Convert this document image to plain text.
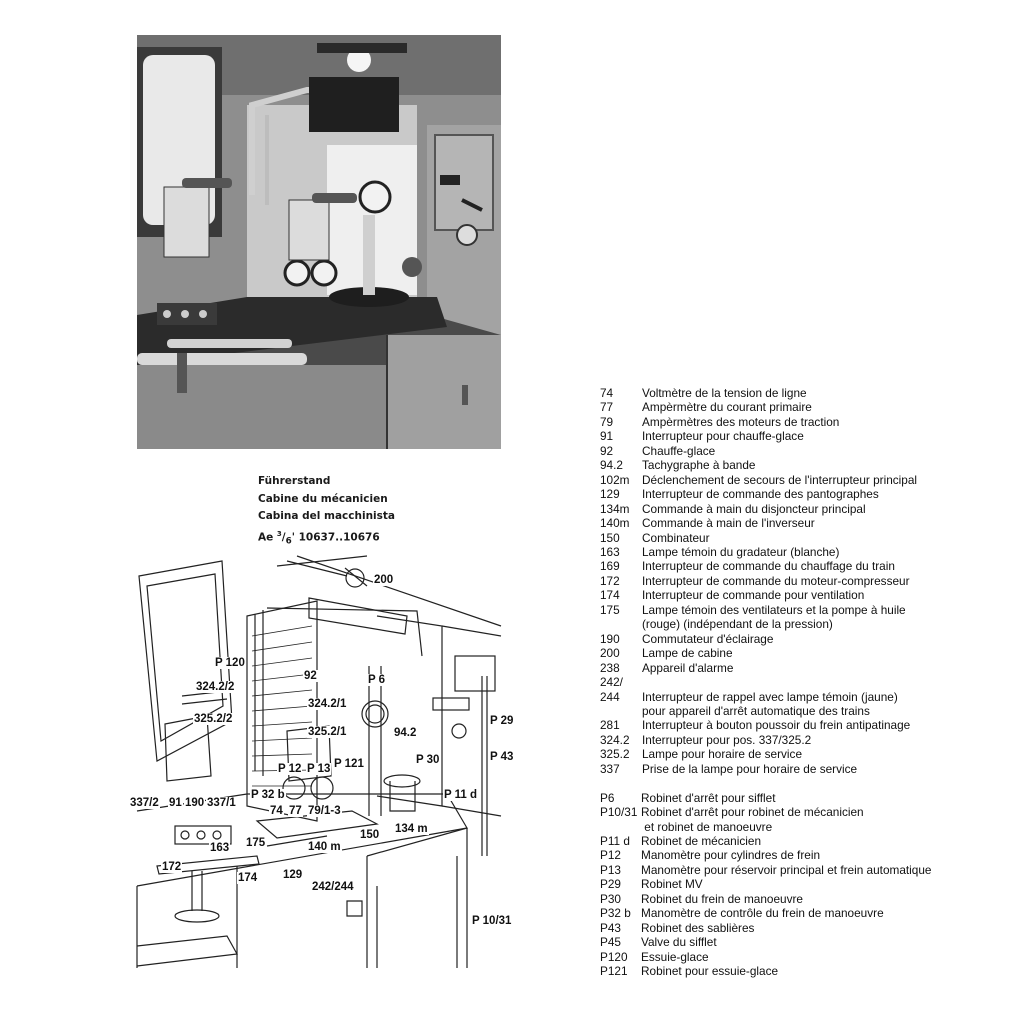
Führerstand
Cabine du mécanicien
Cabina del macchinista
Ae $^3/_6'$ 10637..10676
200
P 120
324.2/2
325.2/2
92	P 6
324.2/1
325.2/1	94.2
P 29
P 43
P 12 P 13 P 121	P 30
P 32 b
337/2 91 190 337/1
74 77 79/1-3
P 11 d
150 134 m
163 175	140 m
172
174 129
242/244
P 10/31
74	Voltmètre de la tension de ligne
77	Ampèrmètre du courant primaire
79	Ampèrmètres des moteurs de traction
91	Interrupteur pour chauffe-glace
92	Chauffe-glace
94.2	Tachygraphe à bande
102m	Déclenchement de secours de l'interrupteur principal
129	Interrupteur de commande des pantographes
134m	Commande à main du disjoncteur principal
140m	Commande à main de l'inverseur
150	Combinateur
163	Lampe témoin du gradateur (blanche)
169	Interrupteur de commande du chauffage du train
172	Interrupteur de commande du moteur-compresseur
174	Interrupteur de commande pour ventilation
175	Lampe témoin des ventilateurs et la pompe à huile
(rouge) (indépendant de la pression)
190	Commutateur d'éclairage
200	Lampe de cabine
238	Appareil d'alarme
242/
244	Interrupteur de rappel avec lampe témoin (jaune)
pour appareil d'arrêt automatique des trains
281	Interrupteur à bouton poussoir du frein antipatinage
324.2	Interrupteur pour pos. 337/325.2
325.2	Lampe pour horaire de service
337	Prise de la lampe pour horaire de service
P6	Robinet d'arrêt pour sifflet
P10/31 Robinet d'arrêt pour robinet de mécanicien
et robinet de manoeuvre
P11 d Robinet de mécanicien
P12	Manomètre pour cylindres de frein
P13	Manomètre pour réservoir principal et frein automatique
P29	Robinet MV
P30	Robinet du frein de manoeuvre
P32 b Manomètre de contrôle du frein de manoeuvre
P43	Robinet des sablières
P45	Valve du sifflet
P120	Essuie-glace
P121	Robinet pour essuie-glace
